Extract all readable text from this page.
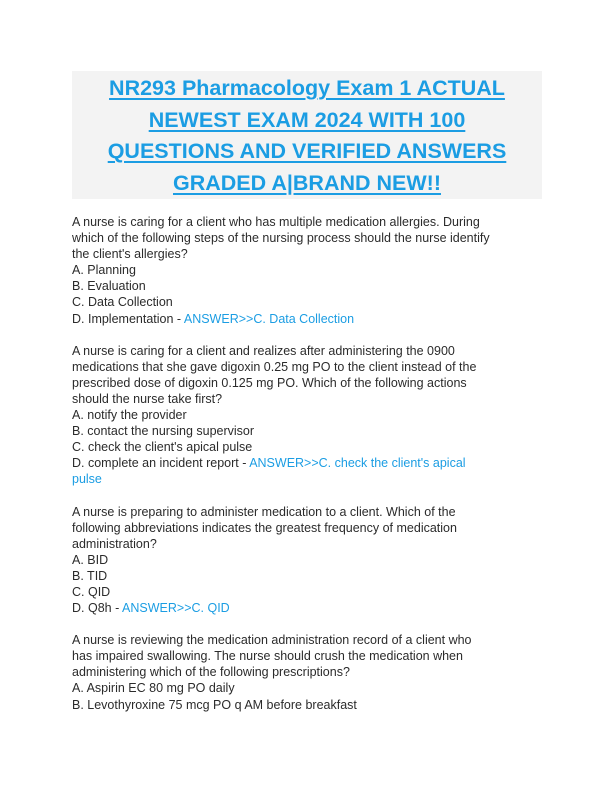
NR293 Pharmacology Exam 1 ACTUAL
NEWEST EXAM 2024 WITH 100
QUESTIONS AND VERIFIED ANSWERS
GRADED A|BRAND NEW!!
A nurse is caring for a client who has multiple medication allergies. During
which of the following steps of the nursing process should the nurse identify
the client's allergies?
A. Planning
B. Evaluation
C. Data Collection
D. Implementation - ANSWER>>C. Data Collection
A nurse is caring for a client and realizes after administering the 0900
medications that she gave digoxin 0.25 mg PO to the client instead of the
prescribed dose of digoxin 0.125 mg PO. Which of the following actions
should the nurse take first?
A. notify the provider
B. contact the nursing supervisor
C. check the client's apical pulse
D. complete an incident report - ANSWER>>C. check the client's apical
pulse
A nurse is preparing to administer medication to a client. Which of the
following abbreviations indicates the greatest frequency of medication
administration?
A. BID
B. TID
C. QID
D. Q8h - ANSWER>>C. QID
A nurse is reviewing the medication administration record of a client who
has impaired swallowing. The nurse should crush the medication when
administering which of the following prescriptions?
A. Aspirin EC 80 mg PO daily
B. Levothyroxine 75 mcg PO q AM before breakfast
